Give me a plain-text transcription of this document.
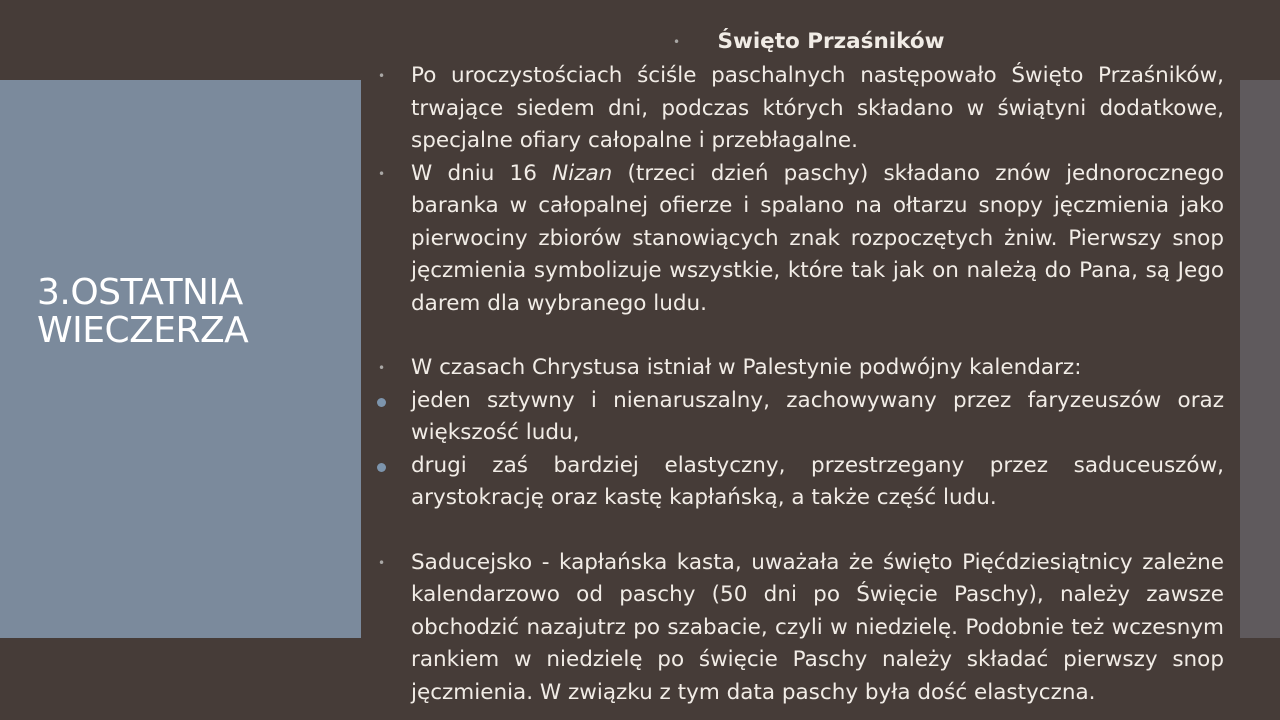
3.OSTATNIA
WIECZERZA
• Święto Przaśników
• Po uroczystościach ściśle paschalnych następowało Święto Przaśników, trwające siedem dni, podczas których składano w świątyni dodatkowe, specjalne ofiary całopalne i przebłagalne.
• W dniu 16 Nizan (trzeci dzień paschy) składano znów jednorocznego baranka w całopalnej ofierze i spalano na ołtarzu snopy jęczmienia jako pierwociny zbiorów stanowiących znak rozpoczętych żniw. Pierwszy snop jęczmienia symbolizuje wszystkie, które tak jak on należą do Pana, są Jego darem dla wybranego ludu.
• W czasach Chrystusa istniał w Palestynie podwójny kalendarz:
jeden sztywny i nienaruszalny, zachowywany przez faryzeuszów oraz większość ludu,
drugi zaś bardziej elastyczny, przestrzegany przez saduceuszów, arystokrację oraz kastę kapłańską, a także część ludu.
• Saducejsko - kapłańska kasta, uważała że święto Pięćdziesiątnicy zależne kalendarzowo od paschy (50 dni po Święcie Paschy), należy zawsze obchodzić nazajutrz po szabacie, czyli w niedzielę. Podobnie też wczesnym rankiem w niedzielę po święcie Paschy należy składać pierwszy snop jęczmienia. W związku z tym data paschy była dość elastyczna.
